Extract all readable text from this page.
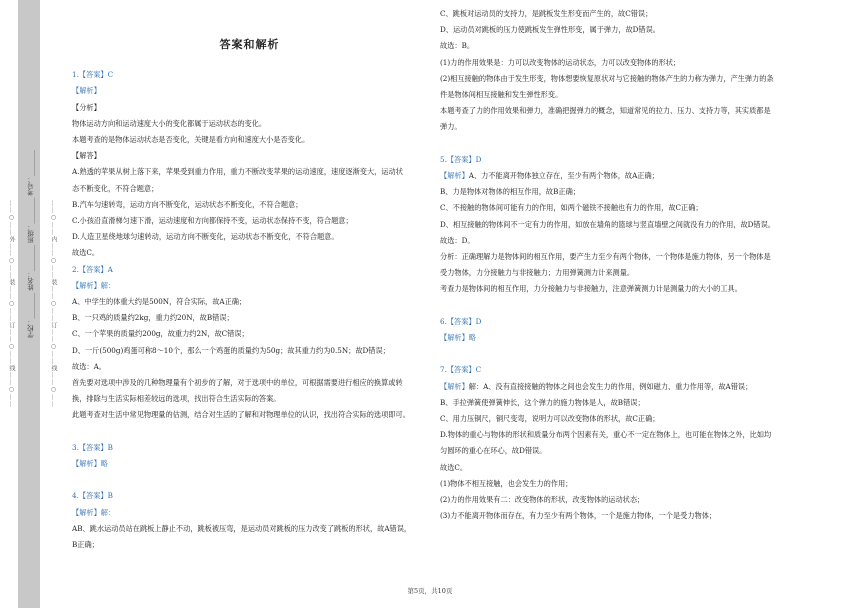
……○……外……○……装……○……订……○……线……○…… 学校：________ 姓名：________ 班级：________ 考号：________	……○……内……○……装……○……订……○……线……○……
答案和解析
1.【答案】C
【解析】
【分析】
物体运动方向和运动速度大小的变化都属于运动状态的变化。
本题考查的是物体运动状态是否变化，关键是看方向和速度大小是否变化。
【解答】
A.熟透的苹果从树上落下来，苹果受到重力作用，重力不断改变苹果的运动速度，速度逐渐变大，运动状
态不断变化，不符合题意；
B.汽车匀速转弯，运动方向不断变化，运动状态不断变化，不符合题意；
C.小孩沿直滑梯匀速下滑，运动速度和方向都保持不变，运动状态保持不变，符合题意；
D.人造卫星绕地球匀速转动，运动方向不断变化，运动状态不断变化，不符合题意。
故选C。
2.【答案】A
【解析】解：
A、中学生的体重大约是500N，符合实际，故A正确；
B、一只鸡的质量约2kg，重力约20N，故B错误；
C、一个苹果的质量约200g，故重力约2N，故C错误；
D、一斤(500g)鸡蛋可称8～10个，那么一个鸡蛋的质量约为50g；故其重力约为0.5N；故D错误；
故选：A。
首先要对选项中涉及的几种物理量有个初步的了解，对于选项中的单位，可根据需要进行相应的换算或转
换，排除与生活实际相差较远的选项，找出符合生活实际的答案。
此题考查对生活中常见物理量的估测，结合对生活的了解和对物理单位的认识，找出符合实际的选项即可。
3.【答案】B
【解析】略
4.【答案】B
【解析】解：
AB、跳水运动员站在跳板上静止不动，跳板被压弯，是运动员对跳板的压力改变了跳板的形状，故A错误，
B正确；
C、跳板对运动员的支持力，是跳板发生形变而产生的，故C错误；
D、运动员对跳板的压力使跳板发生弹性形变，属于弹力，故D错误。
故选：B。
(1)力的作用效果是：力可以改变物体的运动状态，力可以改变物体的形状；
(2)相互接触的物体由于发生形变，物体想要恢复原状对与它接触的物体产生的力称为弹力，产生弹力的条
件是物体间相互接触和发生弹性形变。
本题考查了力的作用效果和弹力，准确把握弹力的概念，知道常见的拉力、压力、支持力等，其实质都是
弹力。
5.【答案】D
【解析】A、力不能离开物体独立存在，至少有两个物体，故A正确；
B、力是物体对物体的相互作用，故B正确；
C、不接触的物体间可能有力的作用，如两个磁铁不接触也有力的作用，故C正确；
D、相互接触的物体间不一定有力的作用，如放在墙角的篮球与竖直墙壁之间就没有力的作用，故D错误。
故选：D。
分析：正确理解力是物体间的相互作用，要产生力至少有两个物体，一个物体是施力物体，另一个物体是
受力物体，力分接触力与非接触力；力用弹簧测力计来测量。
考查力是物体间的相互作用，力分接触力与非接触力，注意弹簧测力计是测量力的大小的工具。
6.【答案】D
【解析】略
7.【答案】C
【解析】解：A、没有直接接触的物体之间也会发生力的作用，例如磁力、重力作用等，故A错误；
B、手拉弹簧使弹簧伸长，这个弹力的施力物体是人，故B错误；
C、用力压铜尺，铜尺变弯，说明力可以改变物体的形状，故C正确；
D.物体的重心与物体的形状和质量分布两个因素有关，重心不一定在物体上，也可能在物体之外，比如均
匀圆环的重心在环心，故D错误。
故选C。
(1)物体不相互接触，也会发生力的作用；
(2)力的作用效果有二：改变物体的形状，改变物体的运动状态；
(3)力不能离开物体而存在，有力至少有两个物体，一个是施力物体，一个是受力物体；
第5页，共10页
